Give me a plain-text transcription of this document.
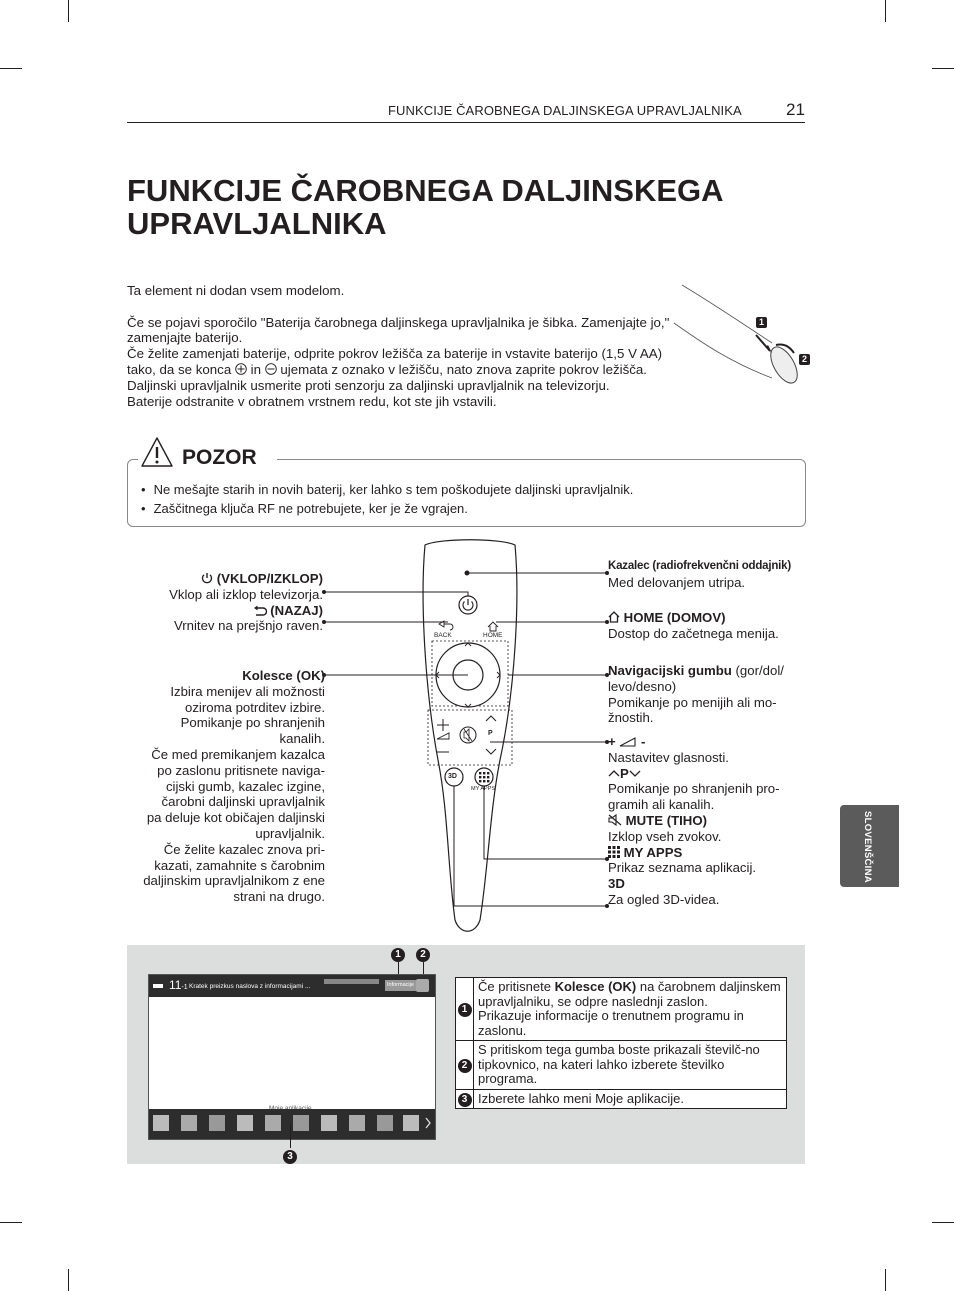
FUNKCIJE ČAROBNEGA DALJINSKEGA UPRAVLJALNIKA	21
FUNKCIJE ČAROBNEGA DALJINSKEGA
UPRAVLJALNIKA

Ta element ni dodan vsem modelom.

Če se pojavi sporočilo "Baterija čarobnega daljinskega upravljalnika je šibka. Zamenjajte jo," zamenjajte baterijo.

Če želite zamenjati baterije, odprite pokrov ležišča za baterije in vstavite baterijo (1,5 V AA) tako, da se konca in ujemata z oznako v ležišču, nato znova zaprite pokrov ležišča. Daljinski upravljalnik usmerite proti senzorju za daljinski upravljalnik na televizorju.

Baterije odstranite v obratnem vrstnem redu, kot ste jih vstavili.

1
2
POZOR
• Ne mešajte starih in novih baterij, ker lahko s tem poškodujete daljinski upravljalnik.
• Zaščitnega ključa RF ne potrebujete, ker je že vgrajen.
BACK	HOME
P
3D
MY APPS
(VKLOP/IZKLOP)
Vklop ali izklop televizorja.
(NAZAJ)
Vrnitev na prejšnjo raven.
Kolesce (OK)
Izbira menijev ali možnosti
oziroma potrditev izbire.
Pomikanje po shranjenih
kanalih.
Če med premikanjem kazalca
po zaslonu pritisnete naviga-
cijski gumb, kazalec izgine,
čarobni daljinski upravljalnik
pa deluje kot običajen daljinski
upravljalnik.
Če želite kazalec znova pri-
kazati, zamahnite s čarobnim
daljinskim upravljalnikom z ene
strani na drugo.
Kazalec (radiofrekvenčni oddajnik)
Med delovanjem utripa.
HOME (DOMOV)
Dostop do začetnega menija.
Navigacijski gumbu (gor/dol/
levo/desno)
Pomikanje po menijih ali mo-
žnostih.
+ -
Nastavitev glasnosti.
P
Pomikanje po shranjenih pro-
gramih ali kanalih.
MUTE (TIHO)
Izklop vseh zvokov.
MY APPS
Prikaz seznama aplikacij.
3D
Za ogled 3D-videa.
SLOVENŠČINA
1	2
11-1 Kratek preizkus naslova z informacijami ...	Informacije
3
1	Če pritisnete Kolesce (OK) na čarobnem daljinskem upravljalniku, se odpre naslednji zaslon.
Prikazuje informacije o trenutnem programu in zaslonu.
2	S pritiskom tega gumba boste prikazali številč-no tipkovnico, na kateri lahko izberete številko programa.
3	Izberete lahko meni Moje aplikacije.
